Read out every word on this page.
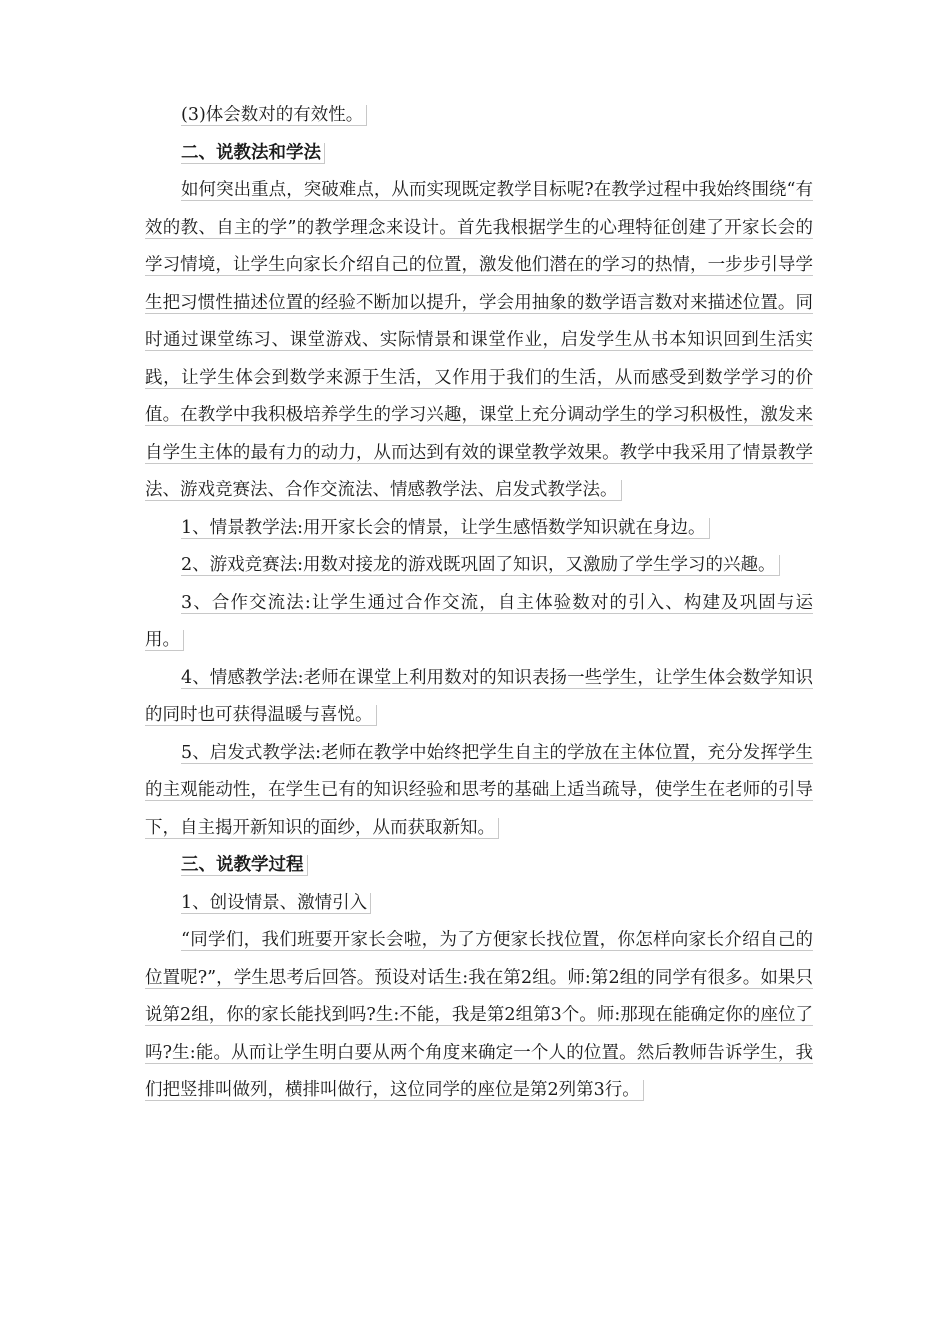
(3)体会数对的有效性。

二、说教法和学法

如何突出重点，突破难点，从而实现既定教学目标呢?在教学过程中我始终围绕“有效的教、自主的学”的教学理念来设计。首先我根据学生的心理特征创建了开家长会的学习情境，让学生向家长介绍自己的位置，激发他们潜在的学习的热情，一步步引导学生把习惯性描述位置的经验不断加以提升，学会用抽象的数学语言数对来描述位置。同时通过课堂练习、课堂游戏、实际情景和课堂作业，启发学生从书本知识回到生活实践，让学生体会到数学来源于生活，又作用于我们的生活，从而感受到数学学习的价值。在教学中我积极培养学生的学习兴趣，课堂上充分调动学生的学习积极性，激发来自学生主体的最有力的动力，从而达到有效的课堂教学效果。教学中我采用了情景教学法、游戏竞赛法、合作交流法、情感教学法、启发式教学法。

1、情景教学法:用开家长会的情景，让学生感悟数学知识就在身边。

2、游戏竞赛法:用数对接龙的游戏既巩固了知识，又激励了学生学习的兴趣。

3、合作交流法:让学生通过合作交流，自主体验数对的引入、构建及巩固与运用。

4、情感教学法:老师在课堂上利用数对的知识表扬一些学生，让学生体会数学知识的同时也可获得温暖与喜悦。

5、启发式教学法:老师在教学中始终把学生自主的学放在主体位置，充分发挥学生的主观能动性，在学生已有的知识经验和思考的基础上适当疏导，使学生在老师的引导下，自主揭开新知识的面纱，从而获取新知。

三、说教学过程

1、创设情景、激情引入

“同学们，我们班要开家长会啦，为了方便家长找位置，你怎样向家长介绍自己的位置呢?”，学生思考后回答。预设对话生:我在第2组。师:第2组的同学有很多。如果只说第2组，你的家长能找到吗?生:不能，我是第2组第3个。师:那现在能确定你的座位了吗?生:能。从而让学生明白要从两个角度来确定一个人的位置。然后教师告诉学生，我们把竖排叫做列，横排叫做行，这位同学的座位是第2列第3行。
